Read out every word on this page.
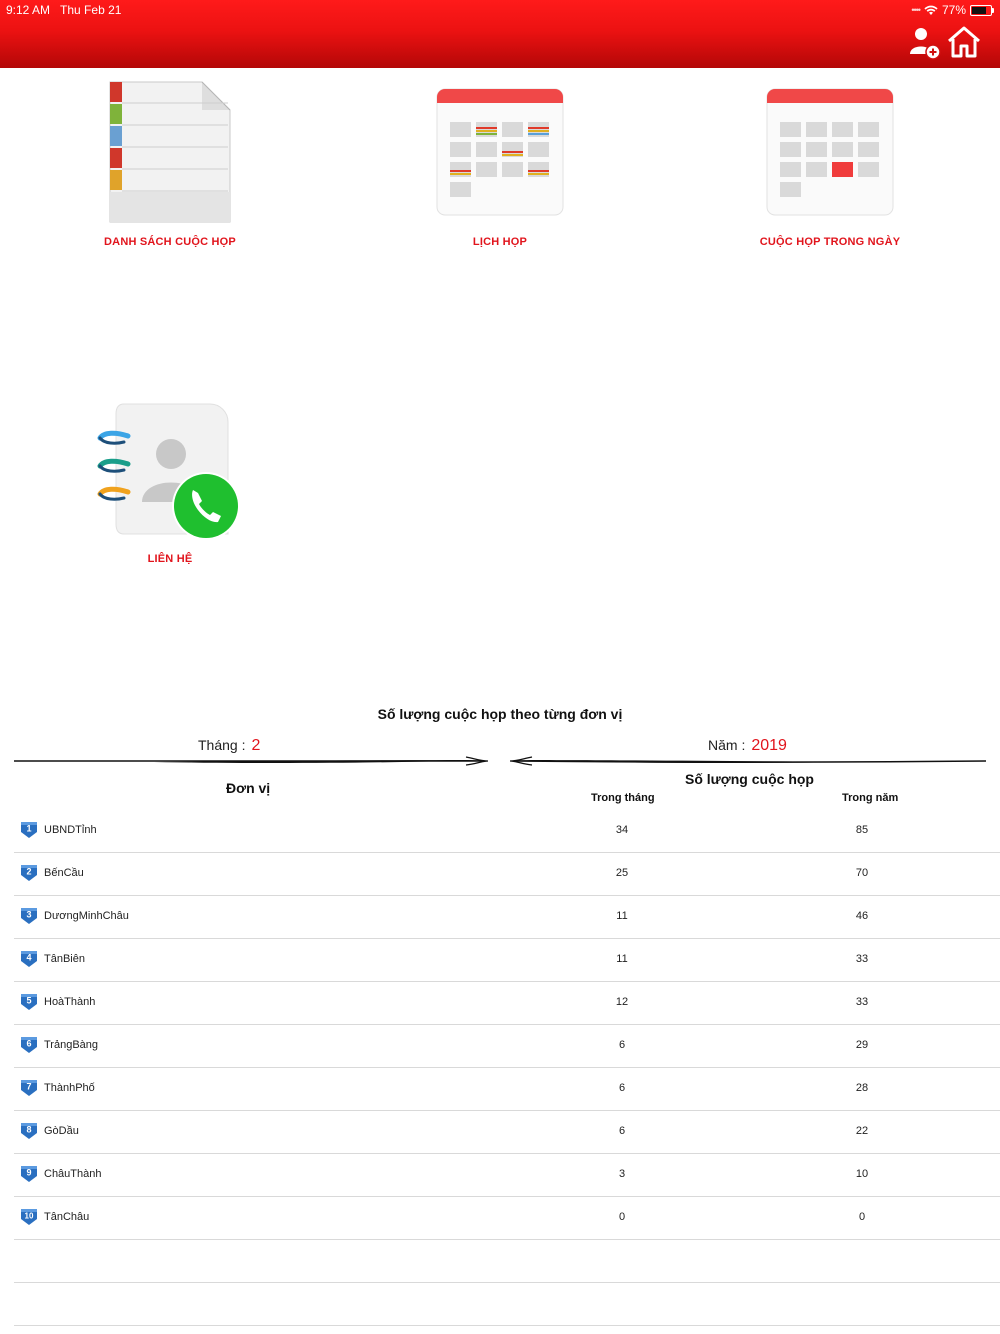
9:12 AM Thu Feb 21	•••• 77%
DANH SÁCH CUỘC HỌP	LỊCH HỌP	CUỘC HỌP TRONG NGÀY
LIÊN HỆ
Số lượng cuộc họp theo từng đơn vị
Tháng : 2	Năm : 2019
Đơn vị
Số lượng cuộc họp
Trong tháng	Trong năm
1 UBNDTỉnh	34	85
2 BếnCầu	25	70
3 DươngMinhChâu	11	46
4 TânBiên	11	33
5 HoàThành	12	33
6 TrảngBàng	6	29
7 ThànhPhố	6	28
8 GòDầu	6	22
9 ChâuThành	3	10
10 TânChâu	0	0
